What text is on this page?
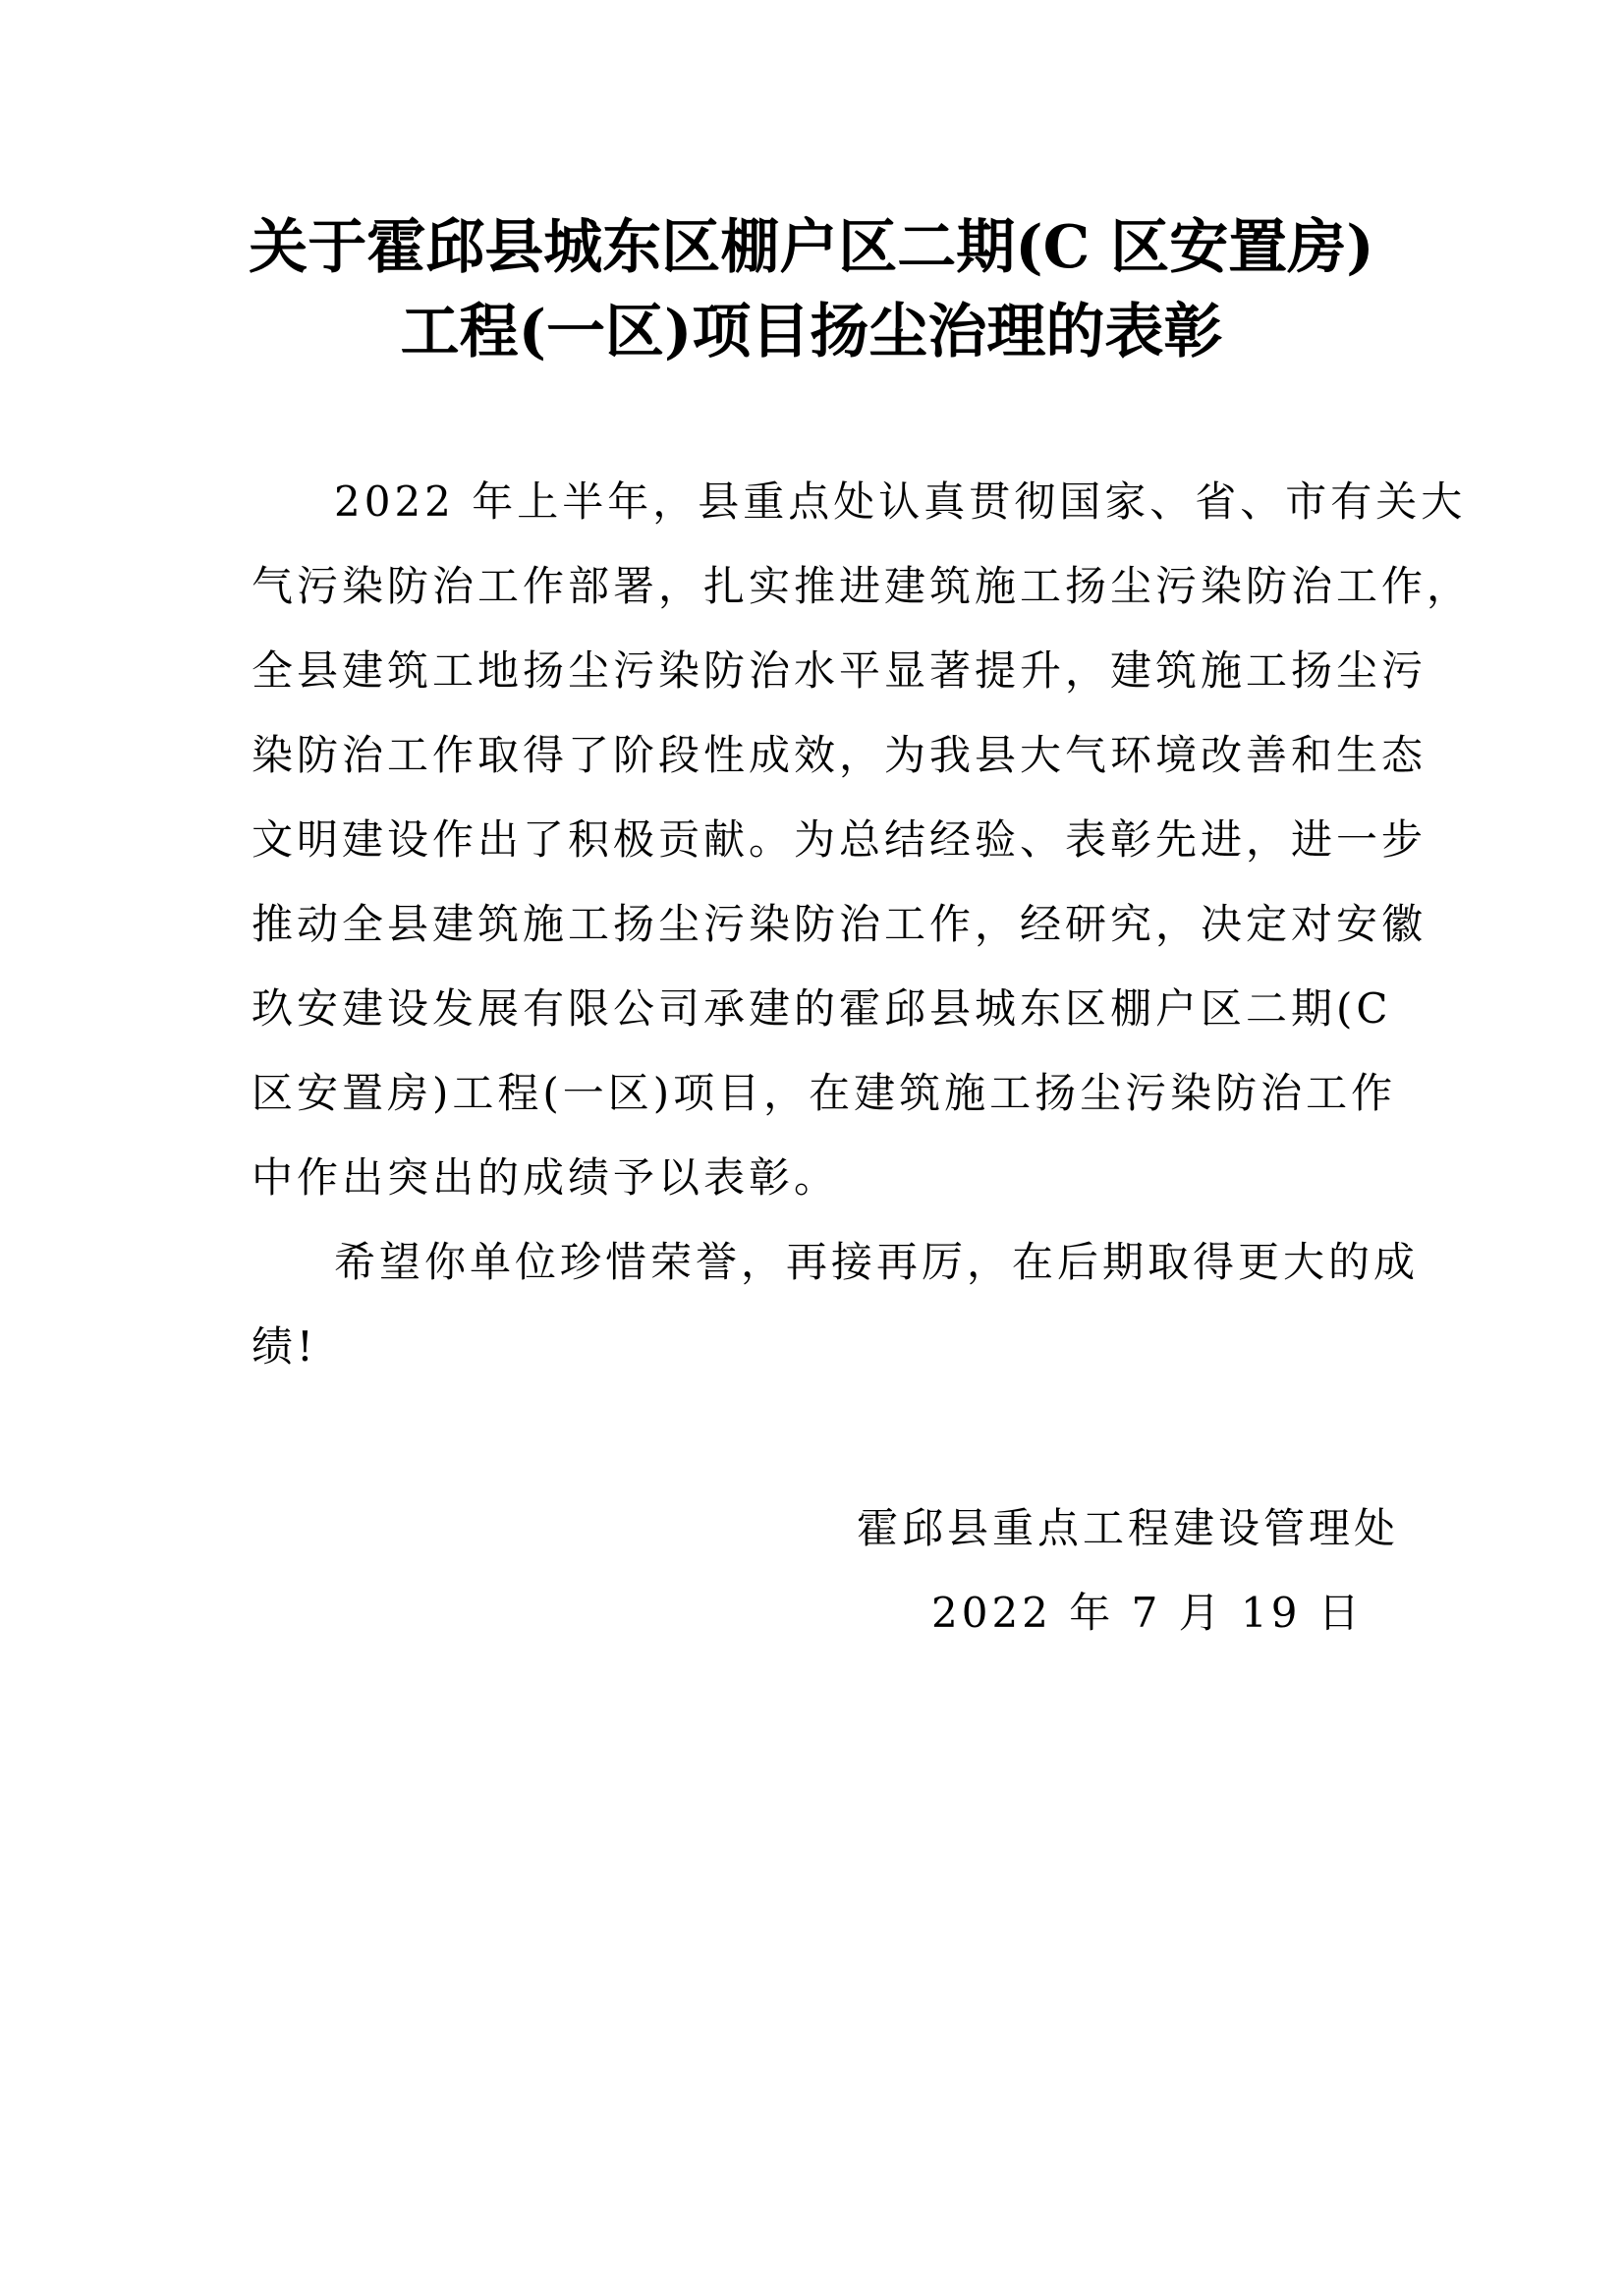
关于霍邱县城东区棚户区二期(C 区安置房)
工程(一区)项目扬尘治理的表彰
2022 年上半年，县重点处认真贯彻国家、省、市有关大
气污染防治工作部署，扎实推进建筑施工扬尘污染防治工作，
全县建筑工地扬尘污染防治水平显著提升，建筑施工扬尘污
染防治工作取得了阶段性成效，为我县大气环境改善和生态
文明建设作出了积极贡献。为总结经验、表彰先进，进一步
推动全县建筑施工扬尘污染防治工作，经研究，决定对安徽
玖安建设发展有限公司承建的霍邱县城东区棚户区二期(C
区安置房)工程(一区)项目，在建筑施工扬尘污染防治工作
中作出突出的成绩予以表彰。
希望你单位珍惜荣誉，再接再厉，在后期取得更大的成
绩!
霍邱县重点工程建设管理处
2022 年 7 月 19 日
